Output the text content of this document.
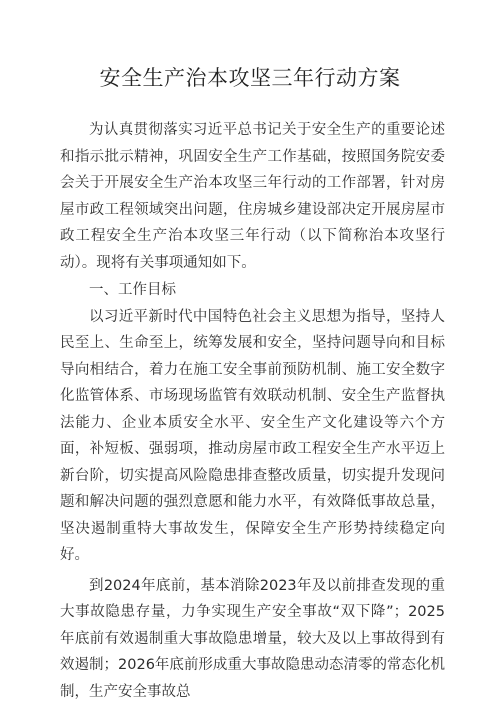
安全生产治本攻坚三年行动方案

为认真贯彻落实习近平总书记关于安全生产的重要论述和指示批示精神，巩固安全生产工作基础，按照国务院安委会关于开展安全生产治本攻坚三年行动的工作部署，针对房屋市政工程领域突出问题，住房城乡建设部决定开展房屋市政工程安全生产治本攻坚三年行动（以下简称治本攻坚行动）。现将有关事项通知如下。

一、工作目标

以习近平新时代中国特色社会主义思想为指导，坚持人民至上、生命至上，统筹发展和安全，坚持问题导向和目标导向相结合，着力在施工安全事前预防机制、施工安全数字化监管体系、市场现场监管有效联动机制、安全生产监督执法能力、企业本质安全水平、安全生产文化建设等六个方面，补短板、强弱项，推动房屋市政工程安全生产水平迈上新台阶，切实提高风险隐患排查整改质量，切实提升发现问题和解决问题的强烈意愿和能力水平，有效降低事故总量，坚决遏制重特大事故发生，保障安全生产形势持续稳定向好。

到2024年底前，基本消除2023年及以前排查发现的重大事故隐患存量，力争实现生产安全事故“双下降”；2025年底前有效遏制重大事故隐患增量，较大及以上事故得到有效遏制；2026年底前形成重大事故隐患动态清零的常态化机制，生产安全事故总
